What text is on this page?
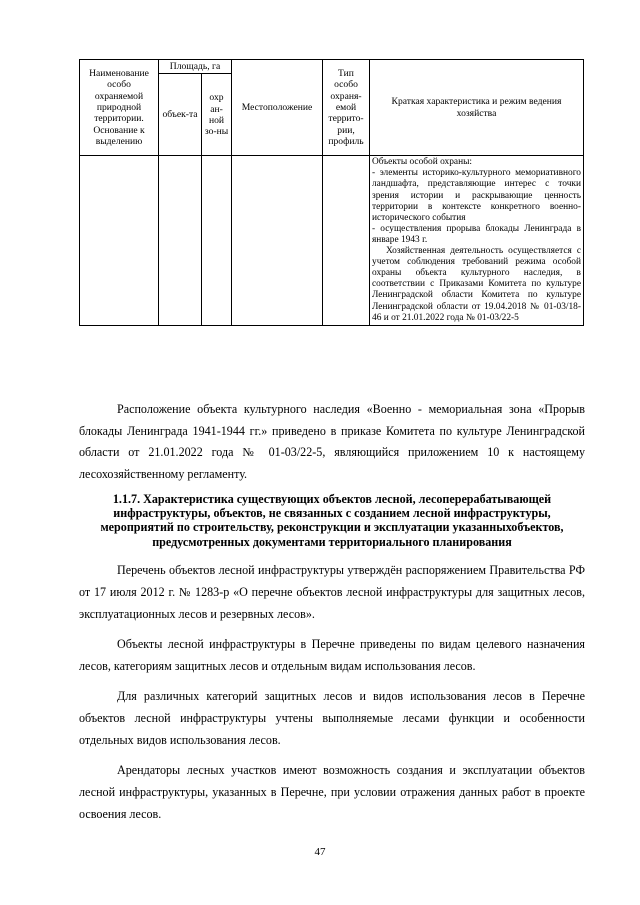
Наименование особо охраняемой природной территории. Основание к выделению	Площадь, га		Местоположение	Тип особо охраня-емой террито-рии, профиль	Краткая характеристика и режим ведения хозяйства
	объек-та	охр ан-ной зо-ны			

					Объекты особой охраны:
- элементы историко-культурного мемориативного ландшафта, представляющие интерес с точки зрения истории и раскрывающие ценность территории в контексте конкретного военно-исторического события
- осуществления прорыва блокады Ленинграда в январе 1943 г.
Хозяйственная деятельность осуществляется с учетом соблюдения требований режима особой охраны объекта культурного наследия, в соответствии с Приказами Комитета по культуре Ленинградской области Комитета по культуре Ленинградской области от 19.04.2018 № 01-03/18-46 и от 21.01.2022 года № 01-03/22-5
Расположение объекта культурного наследия «Военно - мемориальная зона «Прорыв блокады Ленинграда 1941-1944 гг.» приведено в приказе Комитета по культуре Ленинградской области от 21.01.2022 года № 01-03/22-5, являющийся приложением 10 к настоящему лесохозяйственному регламенту.
1.1.7. Характеристика существующих объектов лесной, лесоперерабатывающей инфраструктуры, объектов, не связанных с созданием лесной инфраструктуры, мероприятий по строительству, реконструкции и эксплуатации указанныхобъектов, предусмотренных документами территориального планирования

Перечень объектов лесной инфраструктуры утверждён распоряжением Правительства РФ от 17 июля 2012 г. № 1283-р «О перечне объектов лесной инфраструктуры для защитных лесов, эксплуатационных лесов и резервных лесов».

Объекты лесной инфраструктуры в Перечне приведены по видам целевого назначения лесов, категориям защитных лесов и отдельным видам использования лесов.

Для различных категорий защитных лесов и видов использования лесов в Перечне объектов лесной инфраструктуры учтены выполняемые лесами функции и особенности отдельных видов использования лесов.

Арендаторы лесных участков имеют возможность создания и эксплуатации объектов лесной инфраструктуры, указанных в Перечне, при условии отражения данных работ в проекте освоения лесов.

47
